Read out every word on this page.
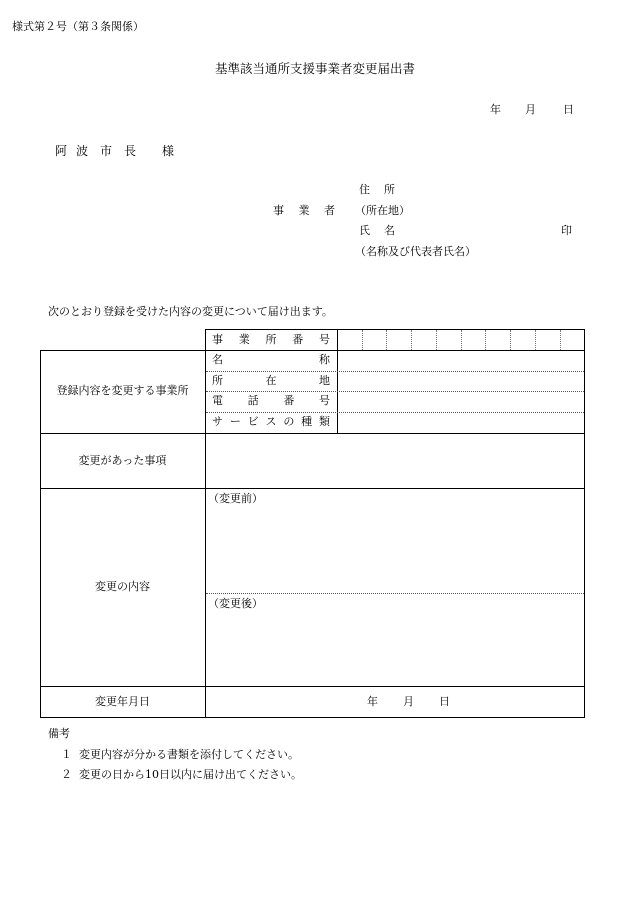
様式第２号（第３条関係）
基準該当通所支援事業者変更届出書
年 月 日
阿 波 市 長 様
事 業 者
住 所
（所在地）
氏 名	印
（名称及び代表者氏名）
次のとおり登録を受けた内容の変更について届け出ます。
事 業 所 番 号
登録内容を変更する事業所
名	称
所	在	地
電 話 番 号
サ ー ビ ス の 種 類
変更があった事項
変更の内容
（変更前）
（変更後）
変更年月日	年 月 日
備考
１ 変更内容が分かる書類を添付してください。
２ 変更の日から10日以内に届け出てください。
